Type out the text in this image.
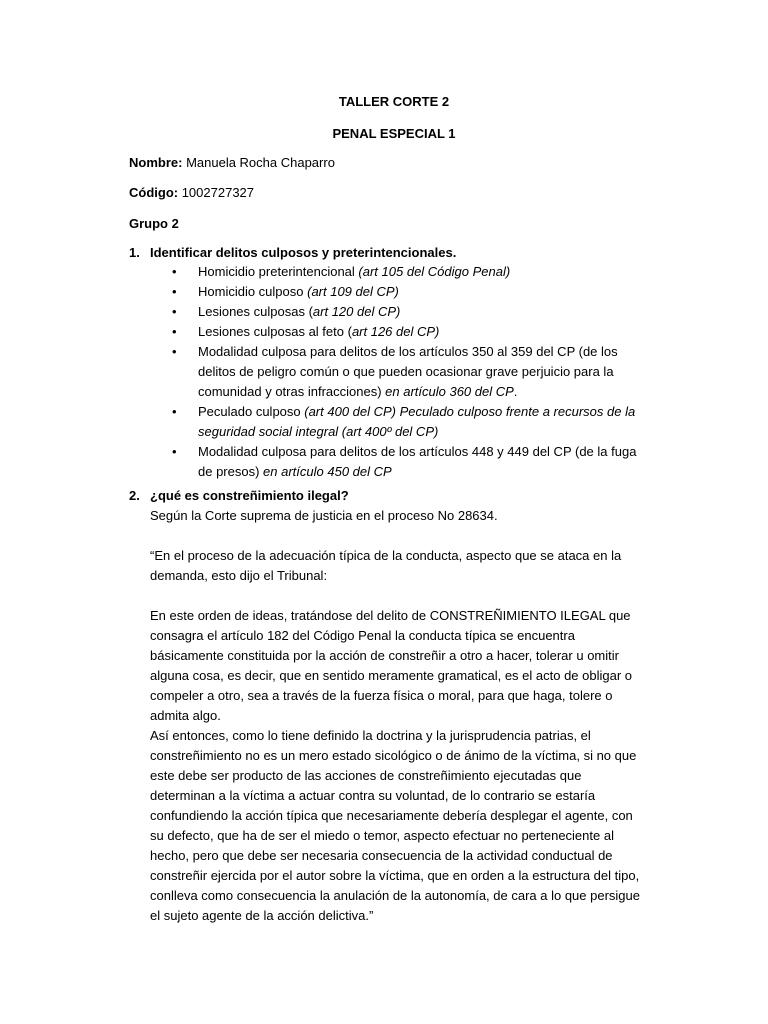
TALLER CORTE 2
PENAL ESPECIAL 1
Nombre: Manuela Rocha Chaparro
Código: 1002727327
Grupo 2
1. Identificar delitos culposos y preterintencionales.
• Homicidio preterintencional (art 105 del Código Penal)
• Homicidio culposo (art 109 del CP)
• Lesiones culposas (art 120 del CP)
• Lesiones culposas al feto (art 126 del CP)
• Modalidad culposa para delitos de los artículos 350 al 359 del CP (de los delitos de peligro común o que pueden ocasionar grave perjuicio para la comunidad y otras infracciones) en artículo 360 del CP.
• Peculado culposo (art 400 del CP) Peculado culposo frente a recursos de la seguridad social integral (art 400º del CP)
• Modalidad culposa para delitos de los artículos 448 y 449 del CP (de la fuga de presos) en artículo 450 del CP
2. ¿qué es constreñimiento ilegal?
Según la Corte suprema de justicia en el proceso No 28634.
“En el proceso de la adecuación típica de la conducta, aspecto que se ataca en la demanda, esto dijo el Tribunal:
En este orden de ideas, tratándose del delito de CONSTREÑIMIENTO ILEGAL que consagra el artículo 182 del Código Penal la conducta típica se encuentra básicamente constituida por la acción de constreñir a otro a hacer, tolerar u omitir alguna cosa, es decir, que en sentido meramente gramatical, es el acto de obligar o compeler a otro, sea a través de la fuerza física o moral, para que haga, tolere o admita algo.
Así entonces, como lo tiene definido la doctrina y la jurisprudencia patrias, el constreñimiento no es un mero estado sicológico o de ánimo de la víctima, si no que este debe ser producto de las acciones de constreñimiento ejecutadas que determinan a la víctima a actuar contra su voluntad, de lo contrario se estaría confundiendo la acción típica que necesariamente debería desplegar el agente, con su defecto, que ha de ser el miedo o temor, aspecto efectuar no perteneciente al hecho, pero que debe ser necesaria consecuencia de la actividad conductual de constreñir ejercida por el autor sobre la víctima, que en orden a la estructura del tipo, conlleva como consecuencia la anulación de la autonomía, de cara a lo que persigue el sujeto agente de la acción delictiva.”
